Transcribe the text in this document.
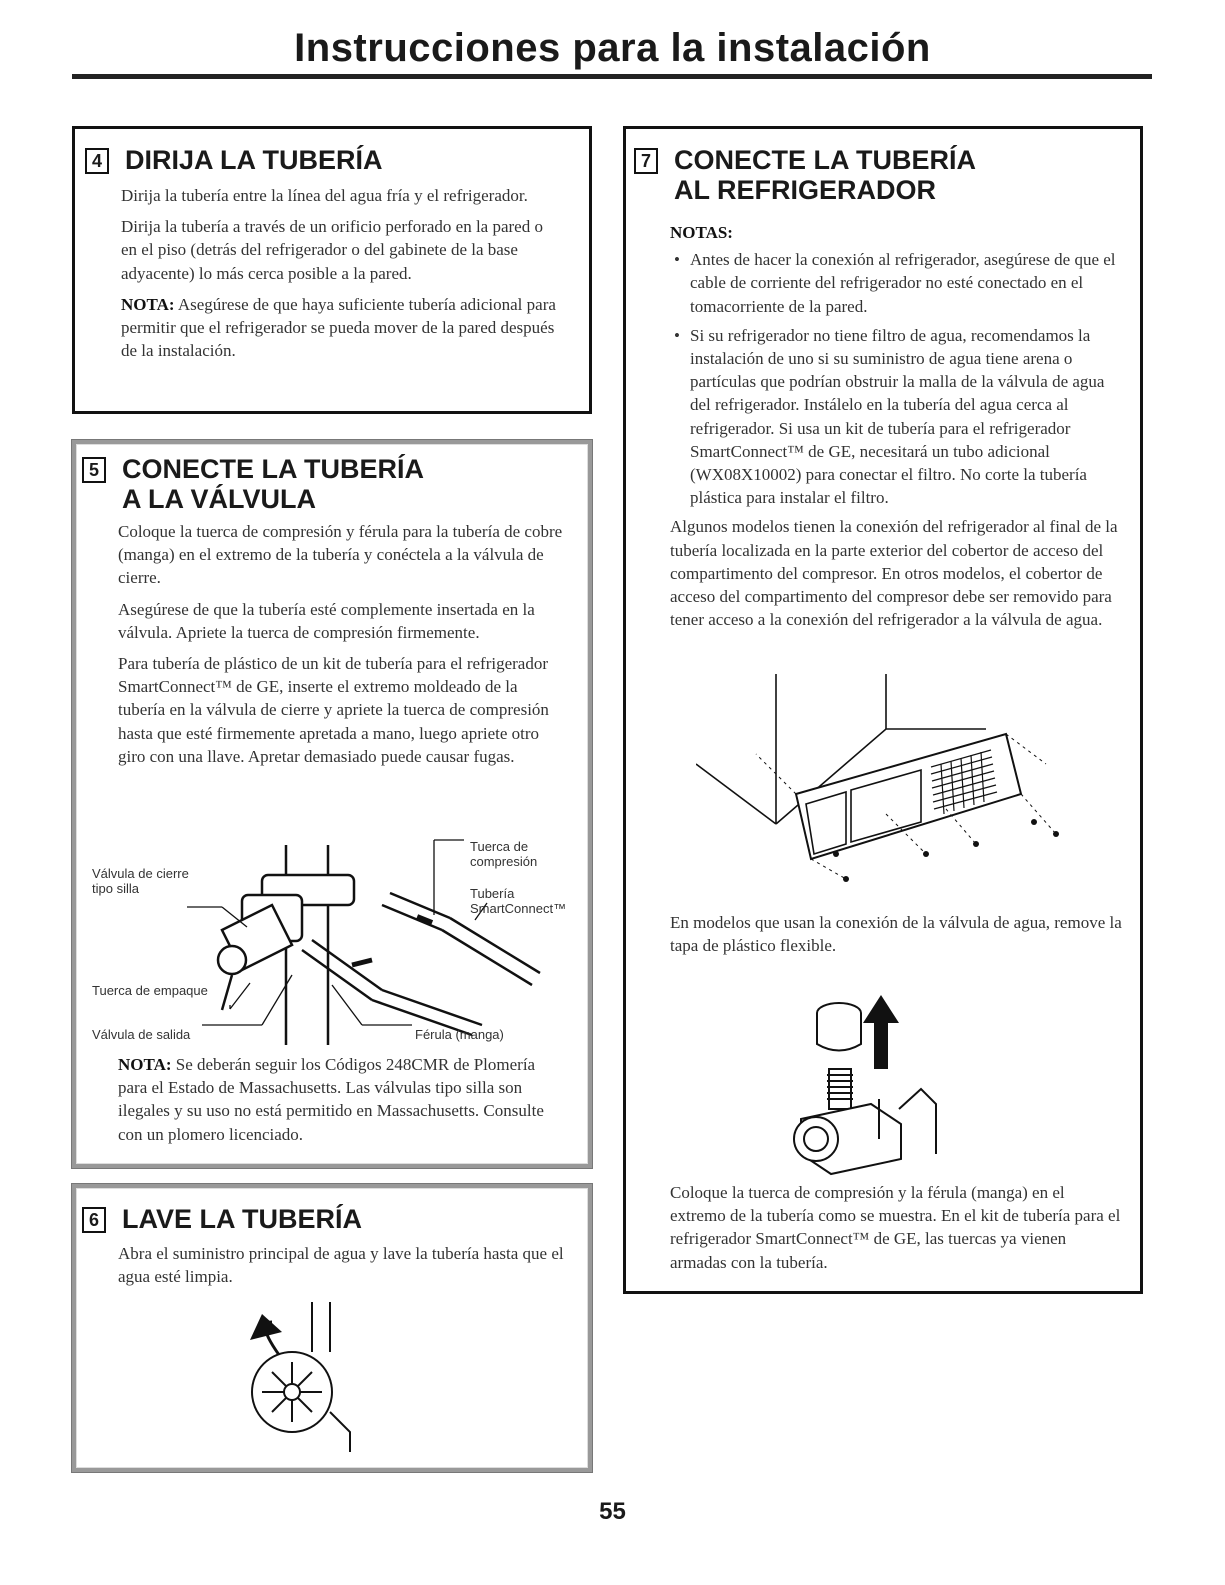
Instrucciones para la instalación
4 DIRIJA LA TUBERÍA

Dirija la tubería entre la línea del agua fría y el refrigerador.

Dirija la tubería a través de un orificio perforado en la pared o en el piso (detrás del refrigerador o del gabinete de la base adyacente) lo más cerca posible a la pared.

NOTA: Asegúrese de que haya suficiente tubería adicional para permitir que el refrigerador se pueda mover de la pared después de la instalación.

5 CONECTE LA TUBERÍA
A LA VÁLVULA

Coloque la tuerca de compresión y férula para la tubería de cobre (manga) en el extremo de la tubería y conéctela a la válvula de cierre.

Asegúrese de que la tubería esté complemente insertada en la válvula. Apriete la tuerca de compresión firmemente.

Para tubería de plástico de un kit de tubería para el refrigerador SmartConnect™ de GE, inserte el extremo moldeado de la tubería en la válvula de cierre y apriete la tuerca de compresión hasta que esté firmemente apretada a mano, luego apriete otro giro con una llave. Apretar demasiado puede causar fugas.

Válvula de cierre
tipo silla
Tuerca de empaque
Válvula de salida
Tuerca de
compresión
Tubería
SmartConnect™
Férula (manga)

NOTA: Se deberán seguir los Códigos 248CMR de Plomería para el Estado de Massachusetts. Las válvulas tipo silla son ilegales y su uso no está permitido en Massachusetts. Consulte con un plomero licenciado.

6 LAVE LA TUBERÍA

Abra el suministro principal de agua y lave la tubería hasta que el agua esté limpia.

7 CONECTE LA TUBERÍA
AL REFRIGERADOR

NOTAS:

• Antes de hacer la conexión al refrigerador, asegúrese de que el cable de corriente del refrigerador no esté conectado en el tomacorriente de la pared.
• Si su refrigerador no tiene filtro de agua, recomendamos la instalación de uno si su suministro de agua tiene arena o partículas que podrían obstruir la malla de la válvula de agua del refrigerador. Instálelo en la tubería del agua cerca al refrigerador. Si usa un kit de tubería para el refrigerador SmartConnect™ de GE, necesitará un tubo adicional (WX08X10002) para conectar el filtro. No corte la tubería plástica para instalar el filtro.

Algunos modelos tienen la conexión del refrigerador al final de la tubería localizada en la parte exterior del cobertor de acceso del compartimento del compresor. En otros modelos, el cobertor de acceso del compartimento del compresor debe ser removido para tener acceso a la conexión del refrigerador a la válvula de agua.

En modelos que usan la conexión de la válvula de agua, remove la tapa de plástico flexible.

Coloque la tuerca de compresión y la férula (manga) en el extremo de la tubería como se muestra. En el kit de tubería para el refrigerador SmartConnect™ de GE, las tuercas ya vienen armadas con la tubería.

55
